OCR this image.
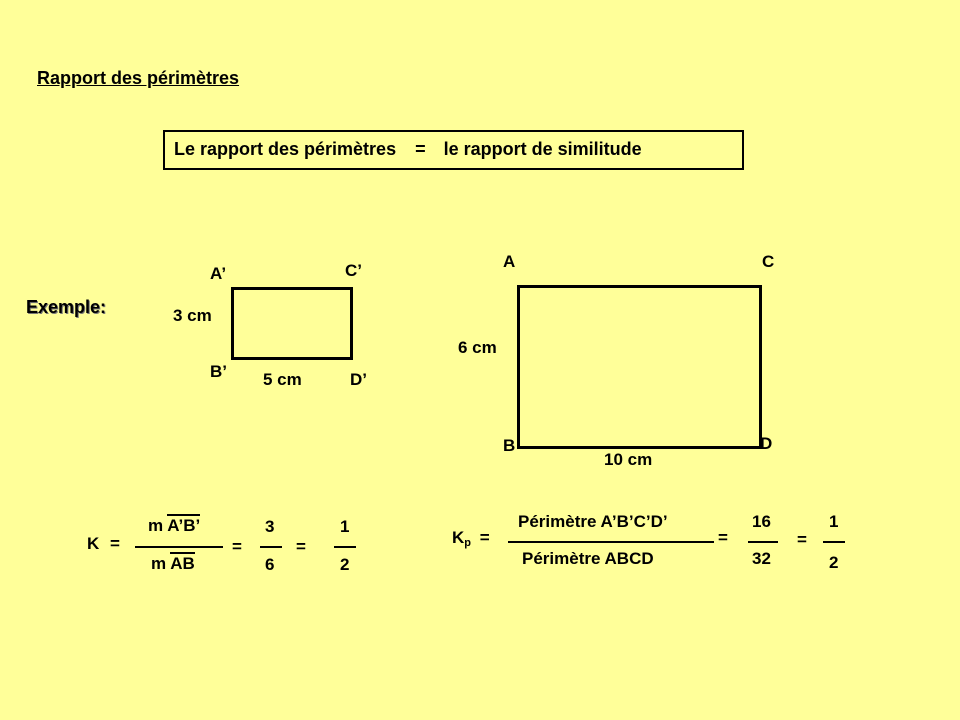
Rapport des périmètres
Le rapport des périmètres = le rapport de similitude
Exemple:
A’	C’
B’	D’
3 cm
5 cm
A	C
B	D
6 cm
10 cm
K =
m A’B’
m AB
=
3
6
=
1
2
$K_p$ =
Périmètre A’B’C’D’
Périmètre ABCD
=
16
32
=
1
2
